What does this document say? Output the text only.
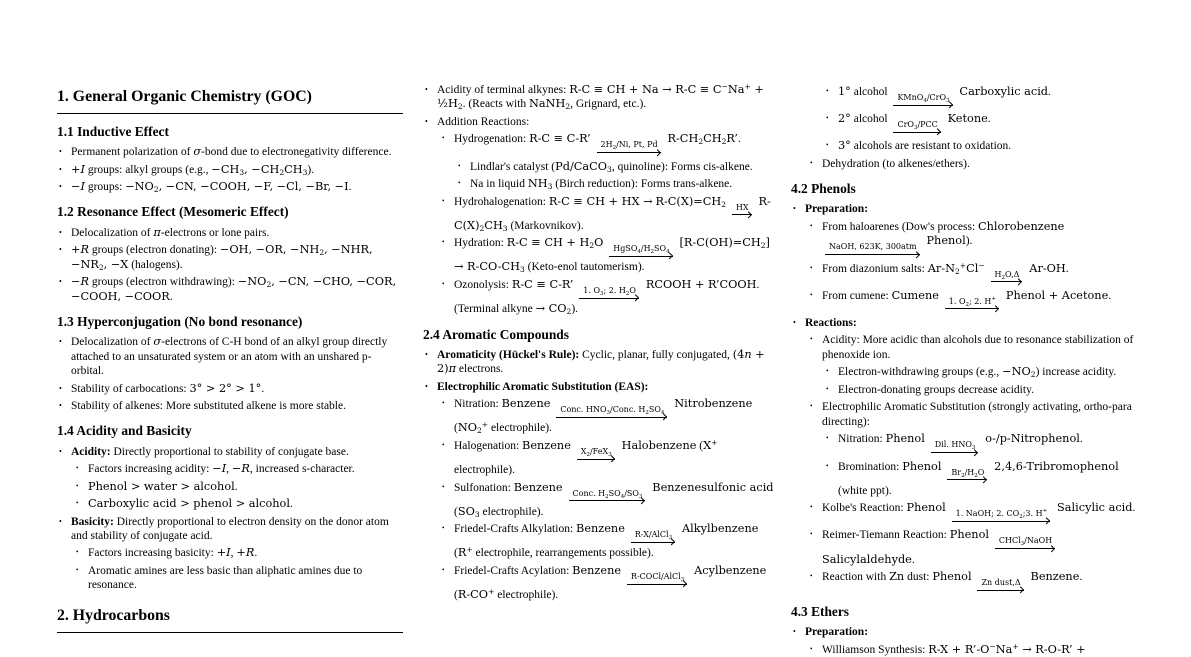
1. General Organic Chemistry (GOC)
1.1 Inductive Effect
• Permanent polarization of σ-bond due to electronegativity difference.
• +I groups: alkyl groups (e.g., $-CH_3$, $-CH_2CH_3$).
• −I groups: $-NO_2$, −CN, −COOH, −F, −Cl, −Br, −I.
1.2 Resonance Effect (Mesomeric Effect)
• Delocalization of π-electrons or lone pairs.
• +R groups (electron donating): −OH, −OR, $-NH_2$, −NHR, $-NR_2$, −X (halogens).
• −R groups (electron withdrawing): $-NO_2$, −CN, −CHO, −COR, −COOH, −COOR.
1.3 Hyperconjugation (No bond resonance)
• Delocalization of σ-electrons of C-H bond of an alkyl group directly attached to an unsaturated system or an atom with an unshared p-orbital.
• Stability of carbocations: 3° > 2° > 1°.
• Stability of alkenes: More substituted alkene is more stable.
1.4 Acidity and Basicity
• Acidity: Directly proportional to stability of conjugate base.
• Factors increasing acidity: −I, −R, increased s-character.
• Phenol > water > alcohol.
• Carboxylic acid > phenol > alcohol.
• Basicity: Directly proportional to electron density on the donor atom and stability of conjugate acid.
• Factors increasing basicity: +I, +R.
• Aromatic amines are less basic than aliphatic amines due to resonance.
2. Hydrocarbons
• Acidity of terminal alkynes: R-C ≡ CH + $Na \to R-C \equiv C^-Na^+ + \frac{1}{2}H_2$. (Reacts with NaNH$_2$, Grignard, etc.).
• Addition Reactions:
• Hydrogenation: R-C ≡ C-R’	$2H_2/Ni$, Pt, Pd $R-CH_2CH_2R$’.
• Lindlar's catalyst (Pd/CaCO$_3$, quinoline): Forms cis-alkene.
• Na in liquid $NH_3$ (Birch reduction): Forms trans-alkene.
• Hydrohalogenation: R-C ≡ CH + HX → $R-C(X)=CH_2$	HX $R-C(X)_2CH_3$ (Markovnikov).
• Hydration: R-C ≡ CH + $H_2O$	$HgSO_4/H_2SO_4$
$[R-C(OH)=CH_2] \to R-CO-CH_3$ (Keto-enol tautomerism).
• Ozonolysis: R-C ≡ C-R’	1. $O_3$; 2. $H_2O$ RCOOH + R’COOH. (Terminal alkyne → $CO_2$).
2.4 Aromatic Compounds
• Aromaticity (Hückel's Rule): Cyclic, planar, fully conjugated, (4n + 2)π electrons.
• Electrophilic Aromatic Substitution (EAS):
• Nitration: Benzene	Conc. $HNO_3$/Conc. $H_2SO_4$
Nitrobenzene ($NO_2^+$ electrophile).
• Halogenation: Benzene	$X_2/FeX_3$
Halobenzene (X+ electrophile).
• Sulfonation: Benzene	Conc. $H_2SO_4/SO_3$
Benzenesulfonic acid ($SO_3$ electrophile).
• Friedel-Crafts Alkylation: Benzene	R-X/AlCl$_3$
Alkylbenzene (R+ electrophile, rearrangements possible).
• Friedel-Crafts Acylation: Benzene	R-COCl/AlCl$_3$
Acylbenzene (R-CO+ electrophile).
• 1° alcohol KMnO$_4$/CrO$_3$
Carboxylic acid.
• 2° alcohol CrO$_3$/PCC Ketone.
• 3° alcohols are resistant to oxidation.
• Dehydration (to alkenes/ethers).
4.2 Phenols
• Preparation:
• From haloarenes (Dow's process: Chlorobenzene
NaOH, 623K, 300atm Phenol).
• From diazonium salts: $Ar-N_2^+Cl^-$
$H_2O,\Delta$ Ar-OH.
• From cumene: Cumene	1. $O_2$; 2. H+ Phenol + Acetone.
• Reactions:
• Acidity: More acidic than alcohols due to resonance stabilization of phenoxide ion.
• Electron-withdrawing groups (e.g., $-NO_2$) increase acidity.
• Electron-donating groups decrease acidity.
• Electrophilic Aromatic Substitution (strongly activating, ortho-para directing):
• Nitration: Phenol	Dil. $HNO_3$
o-/p-Nitrophenol.
• Bromination: Phenol	$Br_2/H_2O$ 2,4,6-Tribromophenol (white ppt).
• Kolbe's Reaction: Phenol	1. NaOH; 2. $CO_2;3$. H+ Salicylic acid.
• Reimer-Tiemann Reaction: Phenol	CHCl$_3$/NaOH
Salicylaldehyde.
• Reaction with Zn dust: Phenol	Zn dust,Δ Benzene.
4.3 Ethers
• Preparation:
• Williamson Synthesis: R-X + R’-O−Na+ → R-O-R’ +
